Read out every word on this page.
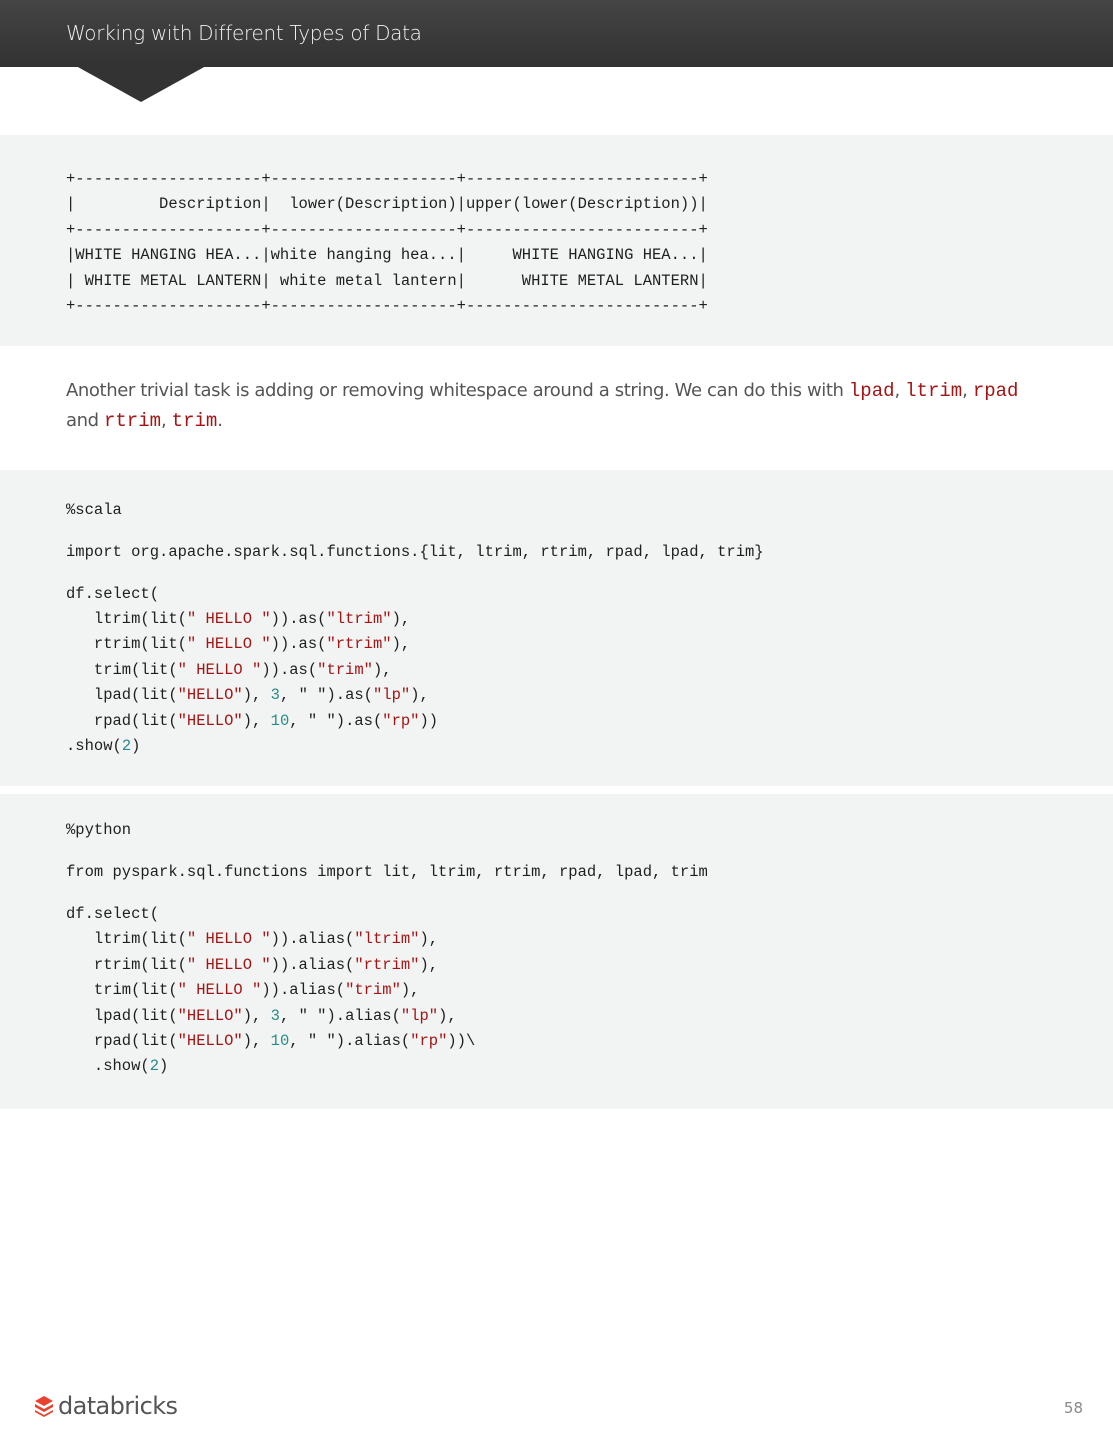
Working with Different Types of Data

+--------------------+--------------------+-------------------------+

|         Description|  lower(Description)|upper(lower(Description))|

+--------------------+--------------------+-------------------------+

|WHITE HANGING HEA...|white hanging hea...|     WHITE HANGING HEA...|

| WHITE METAL LANTERN| white metal lantern|      WHITE METAL LANTERN|

+--------------------+--------------------+-------------------------+

Another trivial task is adding or removing whitespace around a string. We can do this with lpad, ltrim, rpad
and rtrim, trim.

%scala

import org.apache.spark.sql.functions.{lit, ltrim, rtrim, rpad, lpad, trim}

df.select(

ltrim(lit(" HELLO ")).as("ltrim"),

rtrim(lit(" HELLO ")).as("rtrim"),

trim(lit(" HELLO ")).as("trim"),

lpad(lit("HELLO"), 3, " ").as("lp"),

rpad(lit("HELLO"), 10, " ").as("rp"))

.show(2)

%python

from pyspark.sql.functions import lit, ltrim, rtrim, rpad, lpad, trim

df.select(

ltrim(lit(" HELLO ")).alias("ltrim"),

rtrim(lit(" HELLO ")).alias("rtrim"),

trim(lit(" HELLO ")).alias("trim"),

lpad(lit("HELLO"), 3, " ").alias("lp"),

rpad(lit("HELLO"), 10, " ").alias("rp"))\

.show(2)

databricks	58
